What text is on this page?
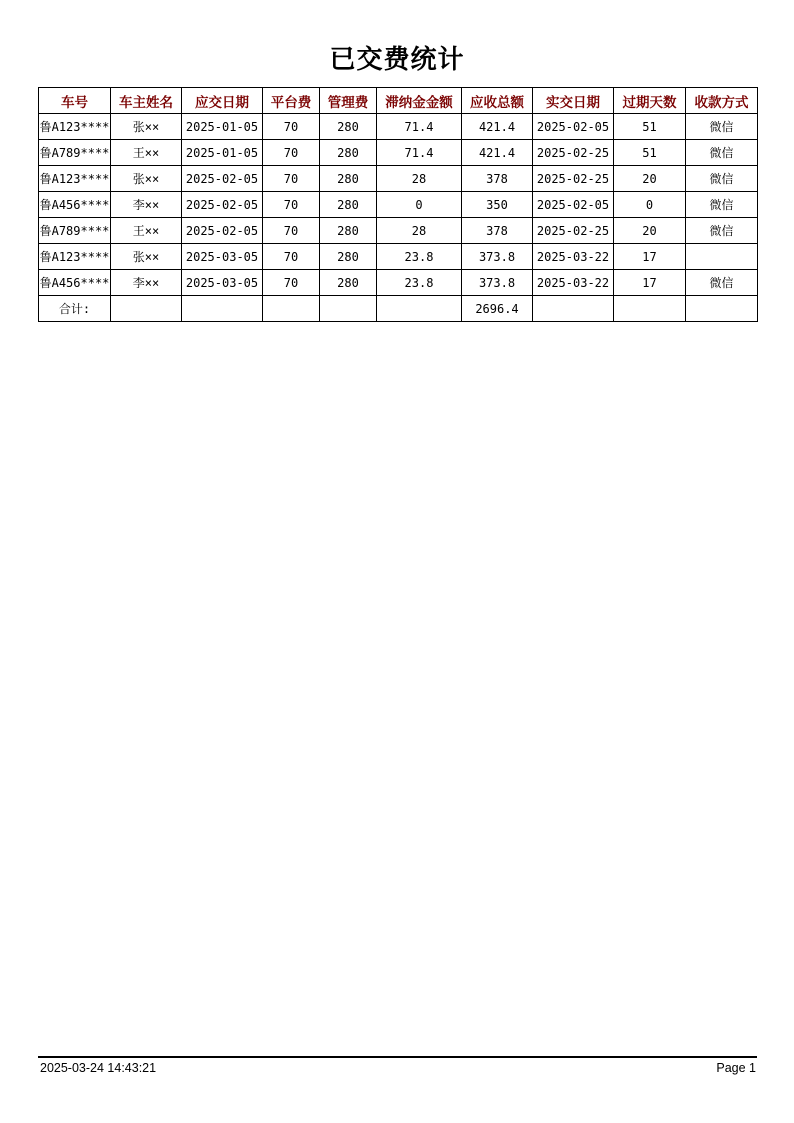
已交费统计
车号	车主姓名	应交日期	平台费	管理费	滞纳金金额	应收总额	实交日期	过期天数	收款方式
鲁A123****	张××	2025-01-05	70	280	71.4	421.4	2025-02-05	51	微信
鲁A789****	王××	2025-01-05	70	280	71.4	421.4	2025-02-25	51	微信
鲁A123****	张××	2025-02-05	70	280	28	378	2025-02-25	20	微信
鲁A456****	李××	2025-02-05	70	280	0	350	2025-02-05	0	微信
鲁A789****	王××	2025-02-05	70	280	28	378	2025-02-25	20	微信
鲁A123****	张××	2025-03-05	70	280	23.8	373.8	2025-03-22	17	
鲁A456****	李××	2025-03-05	70	280	23.8	373.8	2025-03-22	17	微信
合计:						2696.4			
2025-03-24 14:43:21	Page 1
